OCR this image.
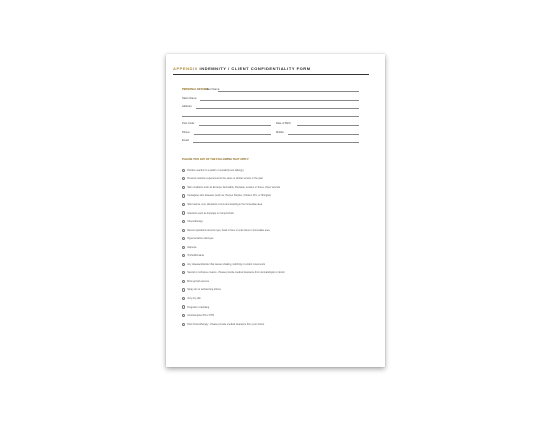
APPENDIX INDEMNITY / CLIENT CONFIDENTIALITY FORM
PERSONAL DETAILS:
Client Name:
Salon Name:
Address:
Post Code:	Date of Birth:
Phone:	Mobile:
Email:
PLEASE TICK ANY OF THE FOLLOWING THAT APPLY:
Positive reaction to a patch or sensitivity test (allergy)
Previous reaction experienced to the same or similar service in the past
Skin conditions such as Eczema, Dermatitis, Psoriasis, Lesions or Sores, Open wounds
Contagious skin diseases (such as, Herpes Simplex, Chicken Pox, or Shingles)
Skin trauma, cuts, abrasions, burns and swelling in the immediate area
Infections such as Impetigo or Conjunctivitis
Chemotherapy
Recent operations around eyes, head or face or scar tissue in immediate area
Hypersensitive skin/eyes
Alopecia
Trichotillomania
Any disease/disorder that causes shaking, twitching or erratic movements
Steroid or cortisone creams - Please provide medical clearance from dermatologist or doctor
Brow growth serums
Spray tan or self-tanning lotions
Very dry skin
Pregnant or lactating
Contraceptive Pill or HTR
Post Chemotherapy - Please provide medical clearance from your doctor
